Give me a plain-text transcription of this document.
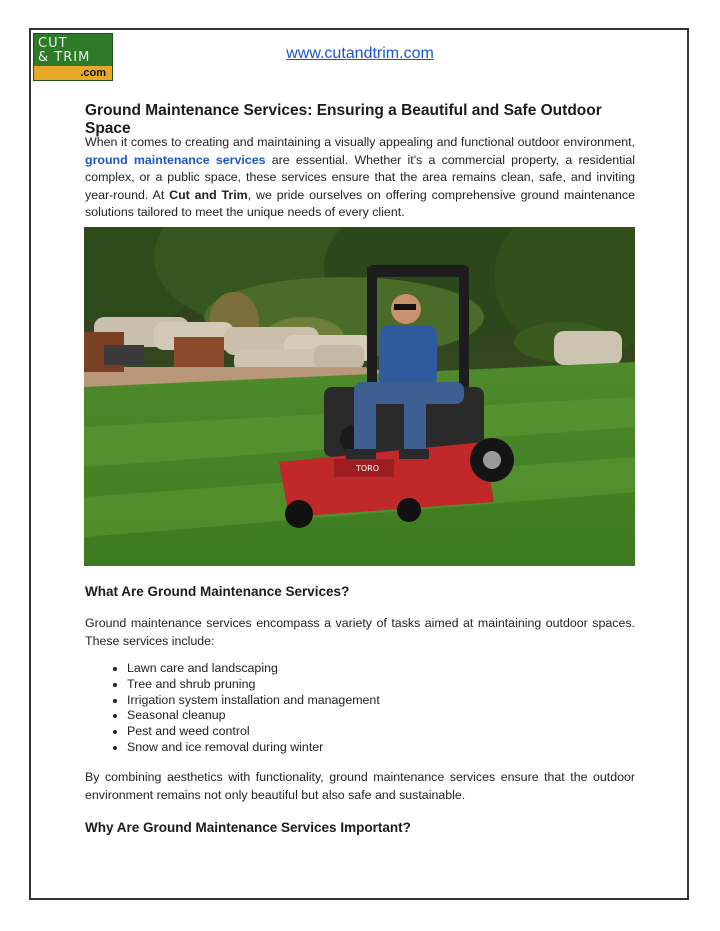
CUT
& TRIM
.com
www.cutandtrim.com
Ground Maintenance Services: Ensuring a Beautiful and Safe Outdoor Space

When it comes to creating and maintaining a visually appealing and functional outdoor environment, ground maintenance services are essential. Whether it's a commercial property, a residential complex, or a public space, these services ensure that the area remains clean, safe, and inviting year-round. At Cut and Trim, we pride ourselves on offering comprehensive ground maintenance solutions tailored to meet the unique needs of every client.

TORO
What Are Ground Maintenance Services?

Ground maintenance services encompass a variety of tasks aimed at maintaining outdoor spaces. These services include:

• Lawn care and landscaping
• Tree and shrub pruning
• Irrigation system installation and management
• Seasonal cleanup
• Pest and weed control
• Snow and ice removal during winter

By combining aesthetics with functionality, ground maintenance services ensure that the outdoor environment remains not only beautiful but also safe and sustainable.

Why Are Ground Maintenance Services Important?
